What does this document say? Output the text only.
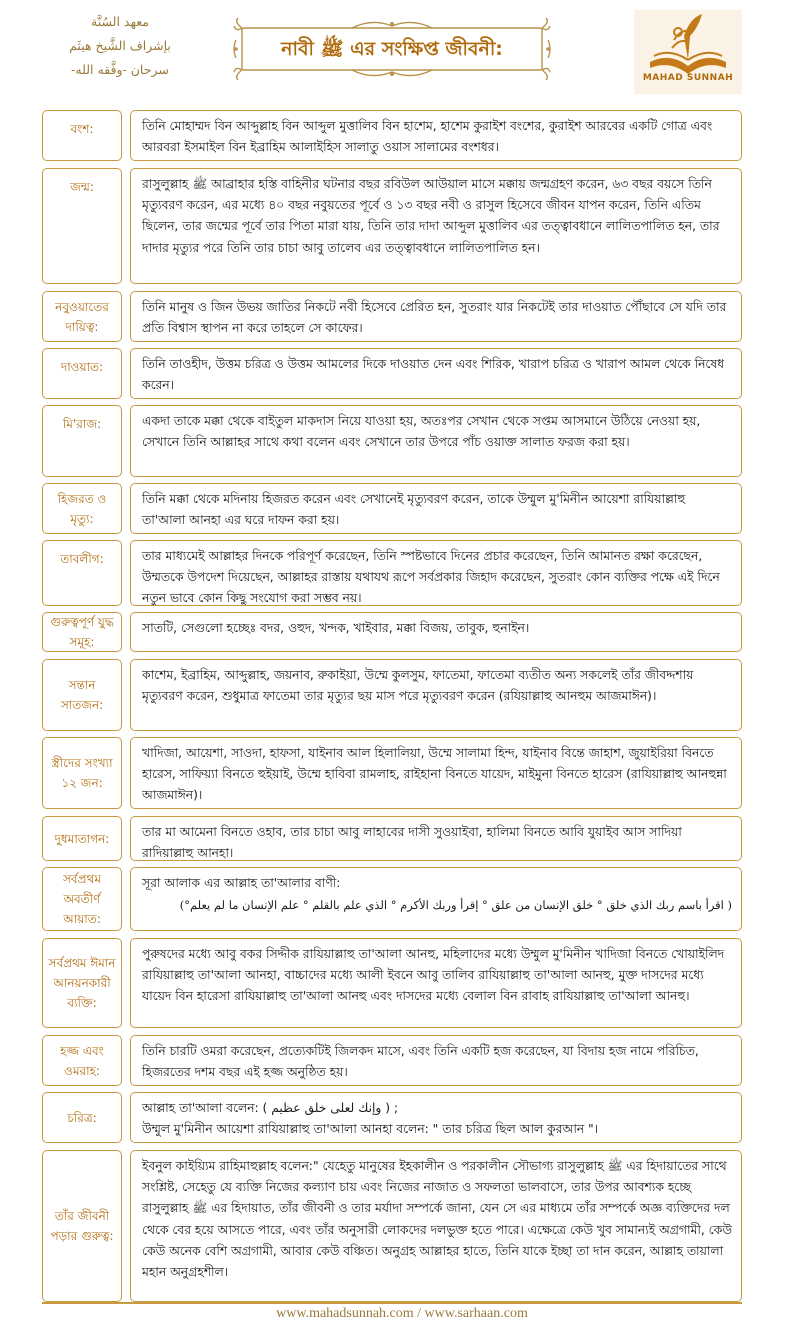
معهد السُنَّة
بإشراف الشَّيخ هيثَم
سرحان -وفَّقه الله-
নাবী ﷺ এর সংক্ষিপ্ত জীবনী:
MAHAD SUNNAH
বংশ:	তিনি মোহাম্মদ বিন আব্দুল্লাহ বিন আব্দুল মুত্তালিব বিন হাশেম, হাশেম কুরাইশ বংশের, কুরাইশ আরবের একটি গোত্র এবং আরবরা ইসমাইল বিন ইব্রাহিম আলাইহিস সালাতু ওয়াস সালামের বংশধর।

জন্ম:	রাসুলুল্লাহ ﷺ আব্রাহার হস্তি বাহিনীর ঘটনার বছর রবিউল আউয়াল মাসে মক্কায় জন্মগ্রহণ করেন, ৬৩ বছর বয়সে তিনি মৃত্যুবরণ করেন, এর মধ্যে ৪০ বছর নবুয়তের পূর্বে ও ১৩ বছর নবী ও রাসুল হিসেবে জীবন যাপন করেন, তিনি এতিম ছিলেন, তার জন্মের পূর্বে তার পিতা মারা যায়, তিনি তার দাদা আব্দুল মুত্তালিব এর তত্ত্বাবধানে লালিতপালিত হন, তার দাদার মৃত্যুর পরে তিনি তার চাচা আবু তালেব এর তত্ত্বাবধানে লালিতপালিত হন।

নবুওয়াতের দায়িত্ব:

তিনি মানুষ ও জিন উভয় জাতির নিকটে নবী হিসেবে প্রেরিত হন, সুতরাং যার নিকটেই তার দাওয়াত পৌঁছাবে সে যদি তার প্রতি বিশ্বাস স্থাপন না করে তাহলে সে কাফের।

দাওয়াত:	তিনি তাওহীদ, উত্তম চরিত্র ও উত্তম আমলের দিকে দাওয়াত দেন এবং শিরিক, খারাপ চরিত্র ও খারাপ আমল থেকে নিষেধ করেন।

মি'রাজ:	একদা তাকে মক্কা থেকে বাইতুল মাকদাস নিয়ে যাওয়া হয়, অতঃপর সেখান থেকে সপ্তম আসমানে উঠিয়ে নেওয়া হয়, সেখানে তিনি আল্লাহর সাথে কথা বলেন এবং সেখানে তার উপরে পাঁচ ওয়াক্ত সালাত ফরজ করা হয়।

হিজরত ও মৃত্যু:

তিনি মক্কা থেকে মদিনায় হিজরত করেন এবং সেখানেই মৃত্যুবরণ করেন, তাকে উম্মুল মু'মিনীন আয়েশা রাযিয়াল্লাহু তা'আলা আনহা এর ঘরে দাফন করা হয়।

তাবলীগ:	তার মাধ্যমেই আল্লাহর দিনকে পরিপূর্ণ করেছেন, তিনি স্পষ্টভাবে দিনের প্রচার করেছেন, তিনি আমানত রক্ষা করেছেন, উম্মতকে উপদেশ দিয়েছেন, আল্লাহর রাস্তায় যথাযথ রূপে সর্বপ্রকার জিহাদ করেছেন, সুতরাং কোন ব্যক্তির পক্ষে এই দিনে নতুন ভাবে কোন কিছু সংযোগ করা সম্ভব নয়।

গুরুত্বপূর্ণ যুদ্ধ সমূহ:

সাতটি, সেগুলো হচ্ছেঃ বদর, ওহুদ, খন্দক, খাইবার, মক্কা বিজয়, তাবুক, হুনাইন।

সন্তান সাতজন:

কাশেম, ইব্রাহিম, আব্দুল্লাহ, জয়নাব, রুকাইয়া, উম্মে কুলসুম, ফাতেমা, ফাতেমা ব্যতীত অন্য সকলেই তাঁর জীবদ্দশায় মৃত্যুবরণ করেন, শুধুমাত্র ফাতেমা তার মৃত্যুর ছয় মাস পরে মৃত্যুবরণ করেন (রযিয়াল্লাহু আনহুম আজমাঈন)।

স্ত্রীদের সংখ্যা ১২ জন:

খাদিজা, আয়েশা, সাওদা, হাফসা, যাইনাব আল হিলালিয়া, উম্মে সালামা হিন্দ, যাইনাব বিন্তে জাহাশ, জুয়াইরিয়া বিনতে হারেস, সাফিয়্যা বিনতে হুইয়াই, উম্মে হাবিবা রামলাহ, রাইহানা বিনতে যায়েদ, মাইমুনা বিনতে হারেস (রাযিয়াল্লাহু আনহুন্না আজমাঈন)।

দুধমাতাগন:	তার মা আমেনা বিনতে ওহাব, তার চাচা আবু লাহাবের দাসী সুওয়াইবা, হালিমা বিনতে আবি যুয়াইব আস সাদিয়া রাদিয়াল্লাহু আনহা।

সর্বপ্রথম অবতীর্ণ আয়াত:

সূরা আলাক এর আল্লাহ তা'আলার বাণী:

( اقرأ باسم ربك الذي خلق ° خلق الإنسان من علق ° إقرأ وربك الأكرم ° الذي علم بالقلم ° علم الإنسان ما لم يعلم°)

সর্বপ্রথম ঈমান আনয়নকারী ব্যক্তি:

পুরুষদের মধ্যে আবু বকর সিদ্দীক রাযিয়াল্লাহু তা'আলা আনহু, মহিলাদের মধ্যে উম্মুল মু'মিনীন খাদিজা বিনতে খোয়াইলিদ রাযিয়াল্লাহু তা'আলা আনহা, বাচ্চাদের মধ্যে আলী ইবনে আবু তালিব রাযিয়াল্লাহু তা'আলা আনহু, মুক্ত দাসদের মধ্যে যায়েদ বিন হারেসা রাযিয়াল্লাহু তা'আলা আনহু এবং দাসদের মধ্যে বেলাল বিন রাবাহ রাযিয়াল্লাহু তা'আলা আনহু।

হজ্জ এবং ওমরাহ:

তিনি চারটি ওমরা করেছেন, প্রত্যেকটিই জিলকদ মাসে, এবং তিনি একটি হজ করেছেন, যা বিদায় হজ নামে পরিচিত, হিজরতের দশম বছর এই হজ্জ অনুষ্ঠিত হয়।

চরিত্র:

আল্লাহ তা'আলা বলেন: ( وإنك لعلى خلق عظيم ) ;

উম্মুল মু'মিনীন আয়েশা রাযিয়াল্লাহু তা'আলা আনহা বলেন: " তার চরিত্র ছিল আল কুরআন "।

তাঁর জীবনী পড়ার গুরুত্ব:

ইবনুল কাইয়্যিম রাহিমাহুল্লাহ বলেন:" যেহেতু মানুষের ইহকালীন ও পরকালীন সৌভাগ্য রাসুলুল্লাহ ﷺ এর হিদায়াতের সাথে সংশ্লিষ্ট, সেহেতু যে ব্যক্তি নিজের কল্যাণ চায় এবং নিজের নাজাত ও সফলতা ভালবাসে, তার উপর আবশ্যক হচ্ছে রাসুলুল্লাহ ﷺ এর হিদায়াত, তাঁর জীবনী ও তার মর্যাদা সম্পর্কে জানা, যেন সে এর মাধ্যমে তাঁর সম্পর্কে অজ্ঞ ব্যক্তিদের দল থেকে বের হয়ে আসতে পারে, এবং তাঁর অনুসারী লোকদের দলভুক্ত হতে পারে। এক্ষেত্রে কেউ খুব সামান্যই অগ্রগামী, কেউ কেউ অনেক বেশি অগ্রগামী, আবার কেউ বঞ্চিত। অনুগ্রহ আল্লাহর হাতে, তিনি যাকে ইচ্ছা তা দান করেন, আল্লাহ তায়ালা মহান অনুগ্রহশীল।

www.mahadsunnah.com / www.sarhaan.com
